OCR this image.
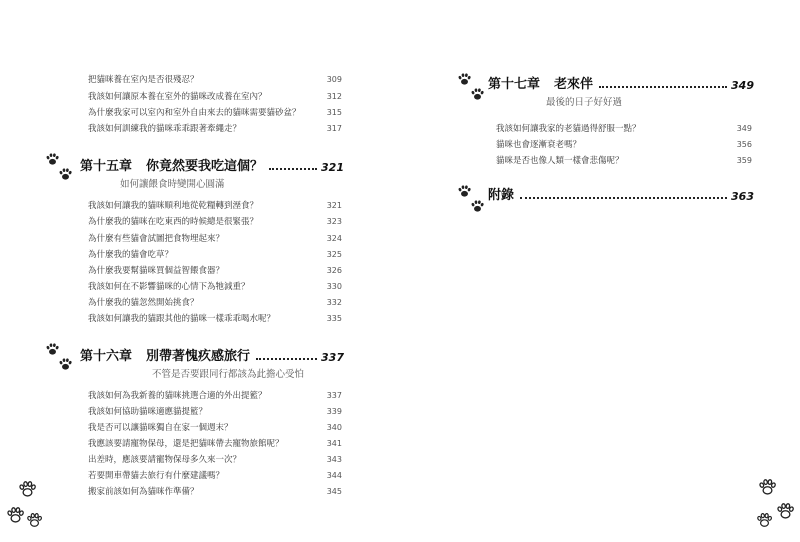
把貓咪養在室內是否很殘忍？	309
我該如何讓原本養在室外的貓咪改成養在室內？	312
為什麼我家可以室內和室外自由來去的貓咪需要貓砂盆？	315
我該如何訓練我的貓咪乖乖跟著牽繩走？	317
第十五章 你竟然要我吃這個？	321
如何讓餵食時變開心圓滿
我該如何讓我的貓咪順利地從乾糧轉到溼食？	321
為什麼我的貓咪在吃東西的時候總是很緊張？	323
為什麼有些貓會試圖把食物埋起來？	324
為什麼我的貓會吃草？	325
為什麼我要幫貓咪買個益智餵食器？	326
我該如何在不影響貓咪的心情下為牠減重？	330
為什麼我的貓忽然開始挑食？	332
我該如何讓我的貓跟其他的貓咪一樣乖乖喝水呢？	335
第十六章 別帶著愧疚感旅行	337
不管是否要跟同行都該為此擔心受怕
我該如何為我新養的貓咪挑選合適的外出提籃？	337
我該如何協助貓咪適應貓提籃？	339
我是否可以讓貓咪獨自在家一個週末？	340
我應該要請寵物保母，還是把貓咪帶去寵物旅館呢？	341
出差時，應該要請寵物保母多久來一次？	343
若要開車帶貓去旅行有什麼建議嗎？	344
搬家前該如何為貓咪作準備？	345
第十七章 老來伴	349
最後的日子好好過
我該如何讓我家的老貓過得舒服一點？	349
貓咪也會逐漸衰老嗎？	356
貓咪是否也像人類一樣會悲傷呢？	359
附錄	363
